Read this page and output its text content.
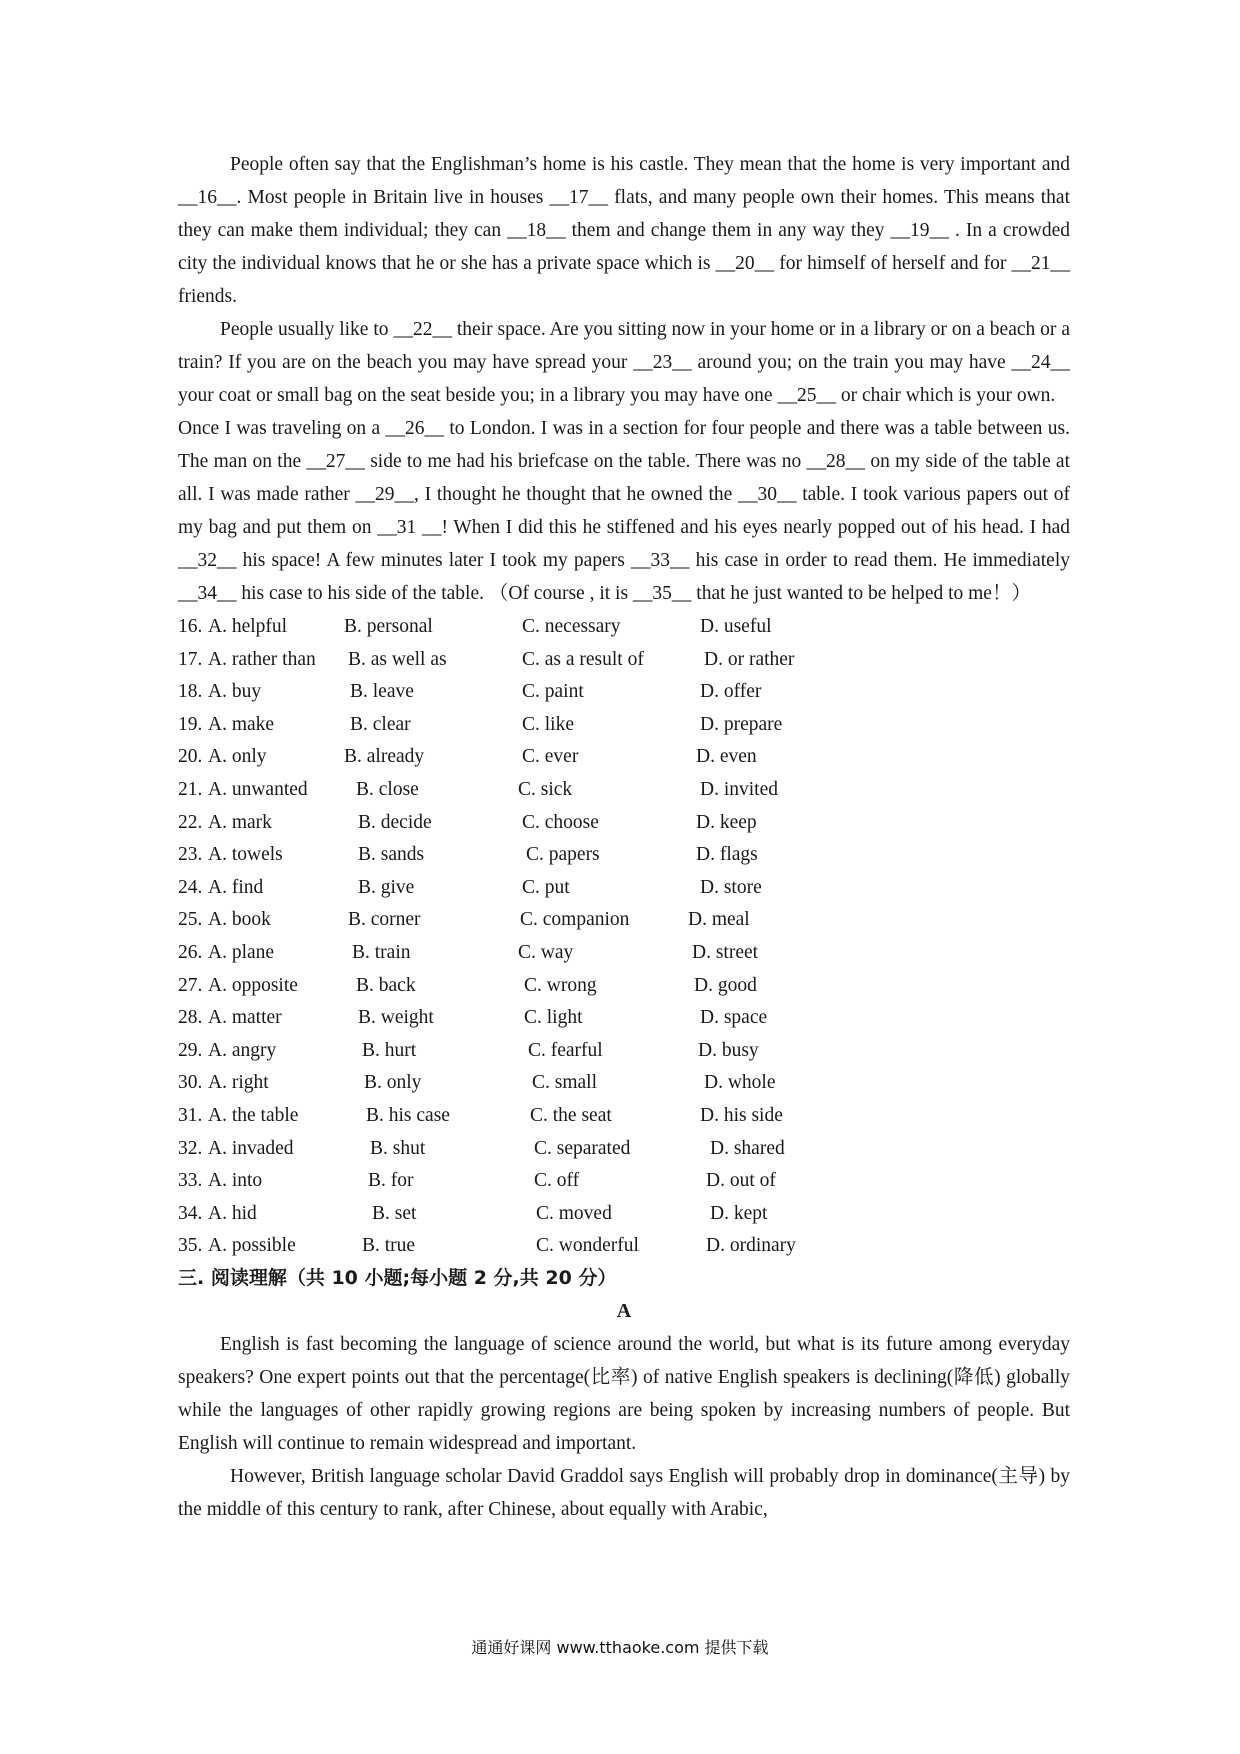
People often say that the Englishman’s home is his castle. They mean that the home is very important and __16__. Most people in Britain live in houses __17__ flats, and many people own their homes. This means that they can make them individual; they can __18__ them and change them in any way they __19__ . In a crowded city the individual knows that he or she has a private space which is __20__ for himself of herself and for __21__ friends.

People usually like to __22__ their space. Are you sitting now in your home or in a library or on a beach or a train? If you are on the beach you may have spread your __23__ around you; on the train you may have __24__ your coat or small bag on the seat beside you; in a library you may have one __25__ or chair which is your own.

Once I was traveling on a __26__ to London. I was in a section for four people and there was a table between us. The man on the __27__ side to me had his briefcase on the table. There was no __28__ on my side of the table at all. I was made rather __29__, I thought he thought that he owned the __30__ table. I took various papers out of my bag and put them on __31 __! When I did this he stiffened and his eyes nearly popped out of his head. I had __32__ his space! A few minutes later I took my papers __33__ his case in order to read them. He immediately __34__ his case to his side of the table. （Of course , it is __35__ that he just wanted to be helped to me！）

16. A. helpful	B. personal	C. necessary	D. useful
17. A. rather than B. as well as	C. as a result of	D. or rather
18. A. buy	B. leave	C. paint	D. offer
19. A. make	B. clear	C. like	D. prepare
20. A. only	B. already	C. ever	D. even
21. A. unwanted B. close	C. sick	D. invited
22. A. mark	B. decide	C. choose	D. keep
23. A. towels	B. sands	C. papers	D. flags
24. A. find	B. give	C. put	D. store
25. A. book	B. corner	C. companion	D. meal
26. A. plane	B. train	C. way	D. street
27. A. opposite	B. back	C. wrong	D. good
28. A. matter	B. weight	C. light	D. space
29. A. angry	B. hurt	C. fearful	D. busy
30. A. right	B. only	C. small	D. whole
31. A. the table	B. his case	C. the seat	D. his side
32. A. invaded	B. shut	C. separated	D. shared
33. A. into	B. for	C. off	D. out of
34. A. hid	B. set	C. moved	D. kept
35. A. possible	B. true	C. wonderful	D. ordinary

三. 阅读理解（共 10 小题;每小题 2 分,共 20 分）

A

English is fast becoming the language of science around the world, but what is its future among everyday speakers? One expert points out that the percentage(比率) of native English speakers is declining(降低) globally while the languages of other rapidly growing regions are being spoken by increasing numbers of people. But English will continue to remain widespread and important.

However, British language scholar David Graddol says English will probably drop in dominance(主导) by the middle of this century to rank, after Chinese, about equally with Arabic,

通通好课网 www.tthaoke.com 提供下载
